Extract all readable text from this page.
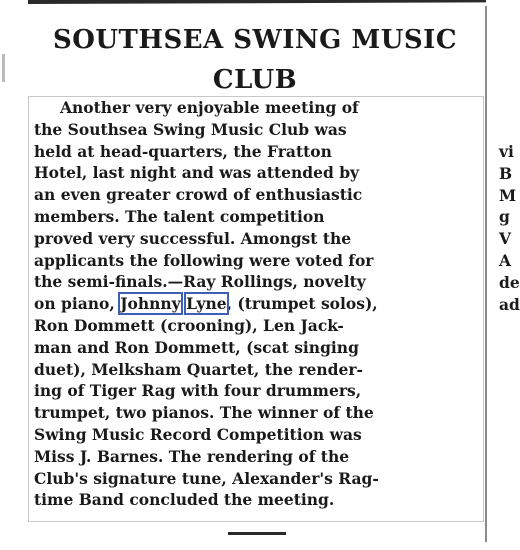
SOUTHSEA SWING MUSIC
CLUB
Another very enjoyable meeting of
the Southsea Swing Music Club was
held at head-quarters, the Fratton
Hotel, last night and was attended by
an even greater crowd of enthusiastic
members. The talent competition
proved very successful. Amongst the
applicants the following were voted for
the semi-finals.—Ray Rollings, novelty
on piano, Johnny Lyne, (trumpet solos),
Ron Dommett (crooning), Len Jack-
man and Ron Dommett, (scat singing
duet), Melksham Quartet, the render-
ing of Tiger Rag with four drummers,
trumpet, two pianos. The winner of the
Swing Music Record Competition was
Miss J. Barnes. The rendering of the
Club's signature tune, Alexander's Rag-
time Band concluded the meeting.
vi
B
M
g
V
A
de
ad
